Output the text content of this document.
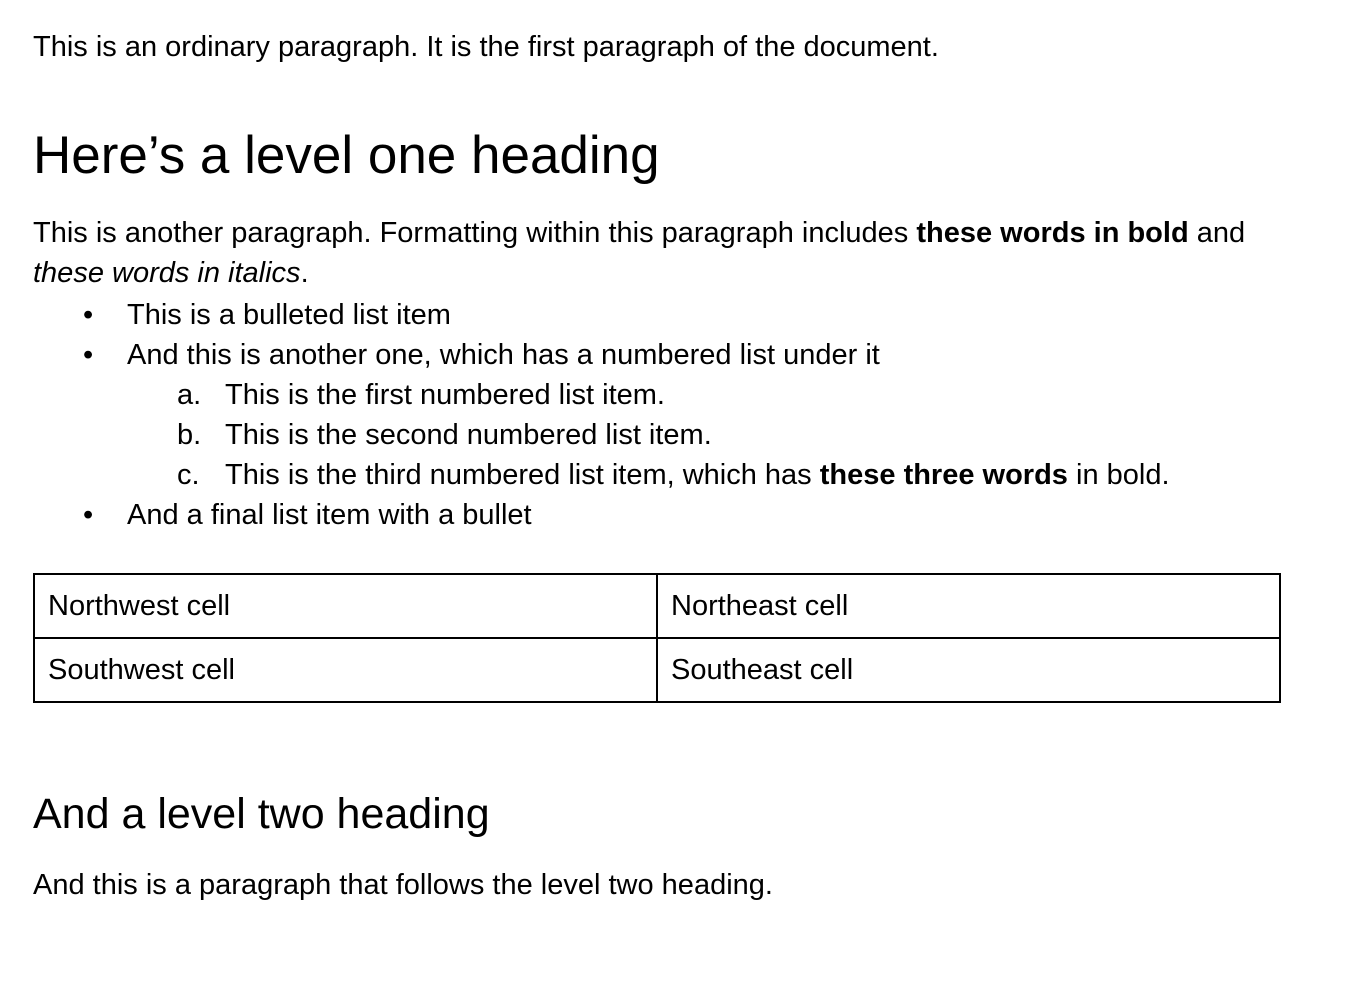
This is an ordinary paragraph. It is the first paragraph of the document.

Here’s a level one heading

This is another paragraph. Formatting within this paragraph includes these words in bold and
these words in italics.

• This is a bulleted list item
• And this is another one, which has a numbered list under it
a. This is the first numbered list item.
b. This is the second numbered list item.
c. This is the third numbered list item, which has these three words in bold.
• And a final list item with a bullet
Northwest cell	Northeast cell
Southwest cell	Southeast cell
And a level two heading

And this is a paragraph that follows the level two heading.
